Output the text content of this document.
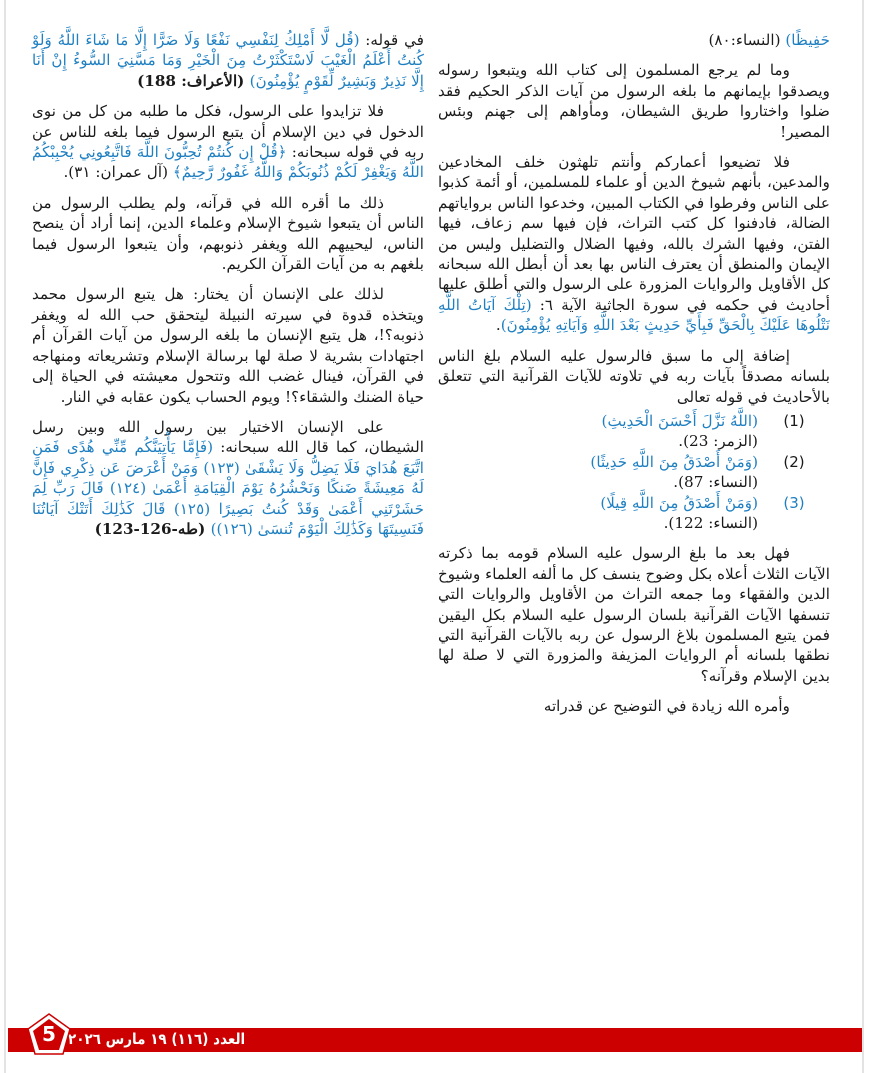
حَفِيظًا) (النساء:٨٠)

وما لم يرجع المسلمون إلى كتاب الله ويتبعوا رسوله ويصدقوا بإيمانهم ما بلغه الرسول من آيات الذكر الحكيم فقد ضلوا واختاروا طريق الشيطان، ومأواهم إلى جهنم وبئس المصير!

فلا تضيعوا أعماركم وأنتم تلهثون خلف المخادعين والمدعين، بأنهم شيوخ الدين أو علماء للمسلمين، أو أئمة كذبوا على الناس وفرطوا في الكتاب المبين، وخدعوا الناس برواياتهم الضالة، فادفنوا كل كتب التراث، فإن فيها سم زعاف، فيها الفتن، وفيها الشرك بالله، وفيها الضلال والتضليل وليس من الإيمان والمنطق أن يعترف الناس بها بعد أن أبطل الله سبحانه كل الأقاويل والروايات المزورة على الرسول والتي أطلق عليها أحاديث في حكمه في سورة الجاثية الآية ٦: (تِلْكَ آيَاتُ اللَّهِ نَتْلُوهَا عَلَيْكَ بِالْحَقِّ فَبِأَيِّ حَدِيثٍ بَعْدَ اللَّهِ وَآيَاتِهِ يُؤْمِنُونَ).

إضافة إلى ما سبق فالرسول عليه السلام بلغ الناس بلسانه مصدقاً بآيات ربه في تلاوته للآيات القرآنية التي تتعلق بالأحاديث في قوله تعالى

(1)
(اللَّهُ نَزَّلَ أَحْسَنَ الْحَدِيثِ)
(الزمر: 23).
(2)
(وَمَنْ أَصْدَقُ مِنَ اللَّهِ حَدِيثًا)
(النساء: 87).
(3)
(وَمَنْ أَصْدَقُ مِنَ اللَّهِ قِيلًا)
(النساء: 122).

فهل بعد ما بلغ الرسول عليه السلام قومه بما ذكرته الآيات الثلاث أعلاه بكل وضوح ينسف كل ما ألفه العلماء وشيوخ الدين والفقهاء وما جمعه التراث من الأقاويل والروايات التي تنسفها الآيات القرآنية بلسان الرسول عليه السلام بكل اليقين فمن يتبع المسلمون بلاغ الرسول عن ربه بالآيات القرآنية التي نطقها بلسانه أم الروايات المزيفة والمزورة التي لا صلة لها بدين الإسلام وقرآنه؟

وأمره الله زيادة في التوضيح عن قدراته

في قوله: (قُل لَّا أَمْلِكُ لِنَفْسِي نَفْعًا وَلَا ضَرًّا إِلَّا مَا شَاءَ اللَّهُ وَلَوْ كُنتُ أَعْلَمُ الْغَيْبَ لَاسْتَكْثَرْتُ مِنَ الْخَيْرِ وَمَا مَسَّنِيَ السُّوءُ إِنْ أَنَا إِلَّا نَذِيرٌ وَبَشِيرٌ لِّقَوْمٍ يُؤْمِنُونَ) (الأعراف: 188)

فلا تزايدوا على الرسول، فكل ما طلبه من كل من نوى الدخول في دين الإسلام أن يتبع الرسول فيما بلغه للناس عن ربه في قوله سبحانه: ﴿قُلْ إِن كُنتُمْ تُحِبُّونَ اللَّهَ فَاتَّبِعُونِي يُحْبِبْكُمُ اللَّهُ وَيَغْفِرْ لَكُمْ ذُنُوبَكُمْ وَاللَّهُ غَفُورٌ رَّحِيمٌ﴾ (آل عمران: ٣١).

ذلك ما أقره الله في قرآنه، ولم يطلب الرسول من الناس أن يتبعوا شيوخ الإسلام وعلماء الدين، إنما أراد أن ينصح الناس، ليحييهم الله ويغفر ذنوبهم، وأن يتبعوا الرسول فيما بلغهم به من آيات القرآن الكريم.

لذلك على الإنسان أن يختار: هل يتبع الرسول محمد ويتخذه قدوة في سيرته النبيلة ليتحقق حب الله له ويغفر ذنوبه؟!، هل يتبع الإنسان ما بلغه الرسول من آيات القرآن أم اجتهادات بشرية لا صلة لها برسالة الإسلام وتشريعاته ومنهاجه في القرآن، فينال غضب الله وتتحول معيشته في الحياة إلى حياة الضنك والشقاء؟! ويوم الحساب يكون عقابه في النار.

على الإنسان الاختيار بين رسول الله وبين رسل الشيطان، كما قال الله سبحانه: (فَإِمَّا يَأْتِيَنَّكُم مِّنِّي هُدًى فَمَنِ اتَّبَعَ هُدَايَ فَلَا يَضِلُّ وَلَا يَشْقَىٰ (١٢٣) وَمَنْ أَعْرَضَ عَن ذِكْرِي فَإِنَّ لَهُ مَعِيشَةً ضَنكًا وَنَحْشُرُهُ يَوْمَ الْقِيَامَةِ أَعْمَىٰ (١٢٤) قَالَ رَبِّ لِمَ حَشَرْتَنِي أَعْمَىٰ وَقَدْ كُنتُ بَصِيرًا (١٢٥) قَالَ كَذَٰلِكَ أَتَتْكَ آيَاتُنَا فَنَسِيتَهَا وَكَذَٰلِكَ الْيَوْمَ تُنسَىٰ (١٢٦)) (طه-126-123)

العدد (١١٦) ١٩ مارس ٢٠٢٦
5
